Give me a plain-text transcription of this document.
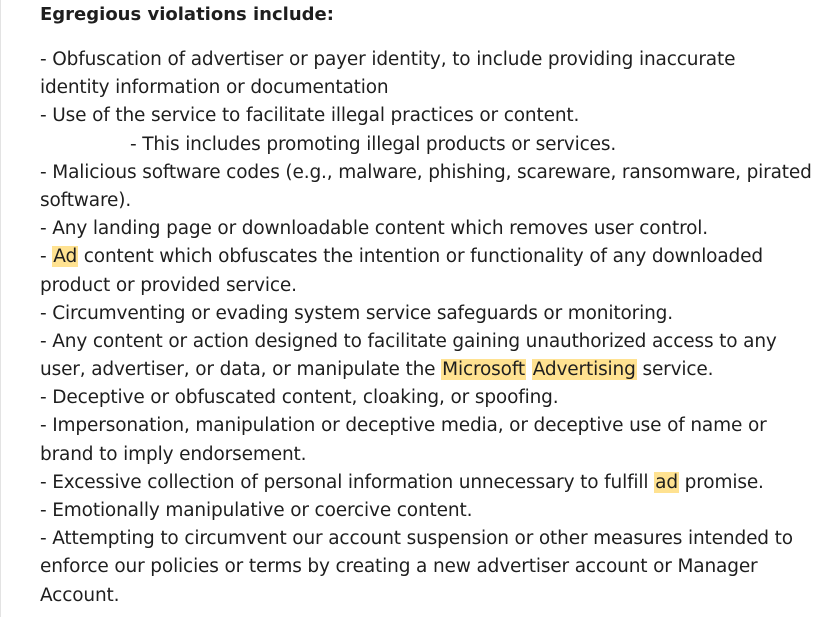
Egregious violations include:
- Obfuscation of advertiser or payer identity, to include providing inaccurate
identity information or documentation
- Use of the service to facilitate illegal practices or content.
- This includes promoting illegal products or services.
- Malicious software codes (e.g., malware, phishing, scareware, ransomware, pirated
software).
- Any landing page or downloadable content which removes user control.
- Ad content which obfuscates the intention or functionality of any downloaded
product or provided service.
- Circumventing or evading system service safeguards or monitoring.
- Any content or action designed to facilitate gaining unauthorized access to any
user, advertiser, or data, or manipulate the Microsoft Advertising service.
- Deceptive or obfuscated content, cloaking, or spoofing.
- Impersonation, manipulation or deceptive media, or deceptive use of name or
brand to imply endorsement.
- Excessive collection of personal information unnecessary to fulfill ad promise.
- Emotionally manipulative or coercive content.
- Attempting to circumvent our account suspension or other measures intended to
enforce our policies or terms by creating a new advertiser account or Manager
Account.
